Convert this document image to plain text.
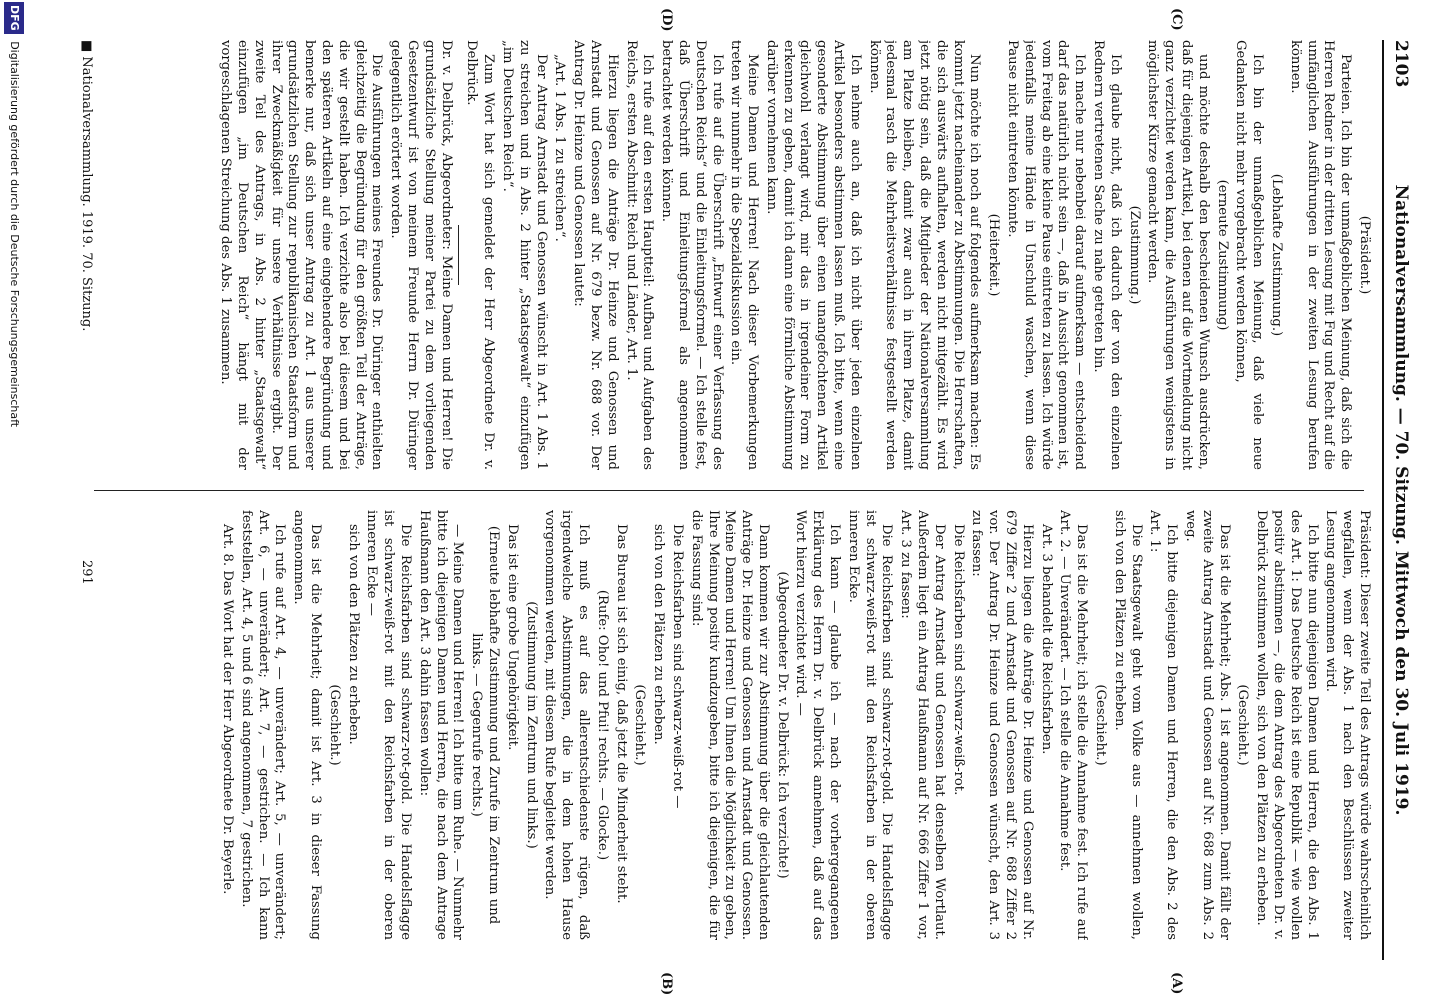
2103
Nationalversammlung. — 70. Sitzung. Mittwoch den 30. Juli 1919.
(C)
(D)
(A)
(B)

(Präsident.)

Parteien. Ich bin der unmaßgeblichen Meinung, daß sich die Herren Redner in der dritten Lesung mit Fug und Recht auf die umfänglichen Ausführungen in der zweiten Lesung berufen können.

(Lebhafte Zustimmung.)

Ich bin der unmaßgeblichen Meinung, daß viele neue Gedanken nicht mehr vorgebracht werden können,

(erneute Zustimmung)

und möchte deshalb den bescheidenen Wunsch ausdrücken, daß für diejenigen Artikel, bei denen auf die Wortmeldung nicht ganz verzichtet werden kann, die Ausführungen wenigstens in möglichster Kürze gemacht werden.

(Zustimmung.)

Ich glaube nicht, daß ich dadurch der von den einzelnen Rednern vertretenen Sache zu nahe getreten bin.

Ich mache nur nebenbei darauf aufmerksam — entscheidend darf das natürlich nicht sein —, daß in Aussicht genommen ist, vom Freitag ab eine kleine Pause eintreten zu lassen. Ich würde jedenfalls meine Hände in Unschuld waschen, wenn diese Pause nicht eintreten könnte.

(Heiterkeit.)

Nun möchte ich noch auf folgendes aufmerksam machen: Es kommt jetzt nacheinander zu Abstimmungen. Die Herrschaften, die sich auswärts aufhalten, werden nicht mitgezählt. Es wird jetzt nötig sein, daß die Mitglieder der Nationalversammlung am Platze bleiben, damit zwar auch in ihrem Platze, damit jedesmal rasch die Mehrheitsverhältnisse festgestellt werden können.

Ich nehme auch an, daß ich nicht über jeden einzelnen Artikel besonders abstimmen lassen muß. Ich bitte, wenn eine gesonderte Abstimmung über einen unangefochtenen Artikel gleichwohl verlangt wird, mir das in irgendeiner Form zu erkennen zu geben, damit ich dann eine förmliche Abstimmung darüber vornehmen kann.

Meine Damen und Herren! Nach dieser Vorbemerkungen treten wir nunmehr in die Spezialdiskussion ein.

Ich rufe auf die Überschrift „Entwurf einer Verfassung des Deutschen Reichs“ und die Einleitungsformel. — Ich stelle fest, daß Überschrift und Einleitungsformel als angenommen betrachtet werden können.

Ich rufe auf den ersten Hauptteil: Aufbau und Aufgaben des Reichs, ersten Abschnitt: Reich und Länder, Art. 1.

Hierzu liegen die Anträge Dr. Heinze und Genossen und Arnstadt und Genossen auf Nr. 679 bezw. Nr. 688 vor. Der Antrag Dr. Heinze und Genossen lautet:

„Art. 1 Abs. 1 zu streichen“.

Der Antrag Arnstadt und Genossen wünscht in Art. 1 Abs. 1 zu streichen und in Abs. 2 hinter „Staatsgewalt“ einzufügen „im Deutschen Reich“.

Zum Wort hat sich gemeldet der Herr Abgeordnete Dr. v. Delbrück.

Dr. v. Delbrück, Abgeordneter: Meine Damen und Herren! Die grundsätzliche Stellung meiner Partei zu dem vorliegenden Gesetzentwurf ist von meinem Freunde Herrn Dr. Düringer gelegentlich erörtert worden.

Die Ausführungen meines Freundes Dr. Düringer enthielten gleichzeitig die Begründung für den größten Teil der Anträge, die wir gestellt haben. Ich verzichte also bei diesem und bei den späteren Artikeln auf eine eingehendere Begründung und bemerke nur, daß sich unser Antrag zu Art. 1 aus unserer grundsätzlichen Stellung zur republikanischen Staatsform und ihrer Zweckmäßigkeit für unsere Verhältnisse ergibt. Der zweite Teil des Antrags, in Abs. 2 hinter „Staatsgewalt“ einzufügen „im Deutschen Reich“ hängt mit der vorgeschlagenen Streichung des Abs. 1 zusammen.

Präsident: Dieser zweite Teil des Antrags würde wahrscheinlich wegfallen, wenn der Abs. 1 nach den Beschlüssen zweiter Lesung angenommen wird.

Ich bitte nun diejenigen Damen und Herren, die den Abs. 1 des Art. 1: Das Deutsche Reich ist eine Republik — wie wollen positiv abstimmen —, die dem Antrag des Abgeordneten Dr. v. Delbrück zustimmen wollen, sich von den Plätzen zu erheben.

(Geschieht.)

Das ist die Mehrheit; Abs. 1 ist angenommen. Damit fällt der zweite Antrag Arnstadt und Genossen auf Nr. 688 zum Abs. 2 weg.

Ich bitte diejenigen Damen und Herren, die den Abs. 2 des Art. 1:

Die Staatsgewalt geht vom Volke aus — annehmen wollen, sich von den Plätzen zu erheben.

(Geschieht.)

Das ist die Mehrheit; ich stelle die Annahme fest. Ich rufe auf Art. 2. — Unverändert. — Ich stelle die Annahme fest.

Art. 3 behandelt die Reichsfarben.

Hierzu liegen die Anträge Dr. Heinze und Genossen auf Nr. 679 Ziffer 2 und Arnstadt und Genossen auf Nr. 688 Ziffer 2 vor. Der Antrag Dr. Heinze und Genossen wünscht, den Art. 3 zu fassen:

Die Reichsfarben sind schwarz-weiß-rot.

Der Antrag Arnstadt und Genossen hat denselben Wortlaut. Außerdem liegt ein Antrag Haußmann auf Nr. 666 Ziffer 1 vor, Art. 3 zu fassen:

Die Reichsfarben sind schwarz-rot-gold. Die Handelsflagge ist schwarz-weiß-rot mit den Reichsfarben in der oberen inneren Ecke.

Ich kann — glaube ich — nach der vorhergegangenen Erklärung des Herrn Dr. v. Delbrück annehmen, daß auf das Wort hierzu verzichtet wird. —

(Abgeordneter Dr. v. Delbrück: Ich verzichte!)

Dann kommen wir zur Abstimmung über die gleichlautenden Anträge Dr. Heinze und Genossen und Arnstadt und Genossen. Meine Damen und Herren! Um Ihnen die Möglichkeit zu geben, Ihre Meinung positiv kundzugeben, bitte ich diejenigen, die für die Fassung sind:

Die Reichsfarben sind schwarz-weiß-rot —

sich von den Plätzen zu erheben.

(Geschieht.)

Das Bureau ist sich einig, daß jetzt die Minderheit steht.

(Rufe: Oho! und Pfui! rechts. — Glocke.)

Ich muß es auf das allerentschiedenste rügen, daß irgendwelche Abstimmungen, die in dem hohen Hause vorgenommen werden, mit diesem Rufe begleitet werden.

(Zustimmung im Zentrum und links.)

Das ist eine grobe Ungehörigkeit.

(Erneute lebhafte Zustimmung und Zurufe im Zentrum und links. — Gegenrufe rechts.)

— Meine Damen und Herren! Ich bitte um Ruhe. — Nunmehr bitte ich diejenigen Damen und Herren, die nach dem Antrage Haußmann den Art. 3 dahin fassen wollen:

Die Reichsfarben sind schwarz-rot-gold. Die Handelsflagge ist schwarz-weiß-rot mit den Reichsfarben in der oberen inneren Ecke —

sich von den Plätzen zu erheben.

(Geschieht.)

Das ist die Mehrheit; damit ist Art. 3 in dieser Fassung angenommen.

Ich rufe auf Art. 4, — unverändert; Art. 5, — unverändert; Art. 6, — unverändert; Art. 7, — gestrichen. — Ich kann feststellen, Art. 4, 5 und 6 sind angenommen, 7 gestrichen.

Art. 8. Das Wort hat der Herr Abgeordnete Dr. Beyerle.

■ Nationalversammlung. 1919. 70. Sitzung.
291
DFG Digitalisierung gefördert durch die Deutsche Forschungsgemeinschaft
